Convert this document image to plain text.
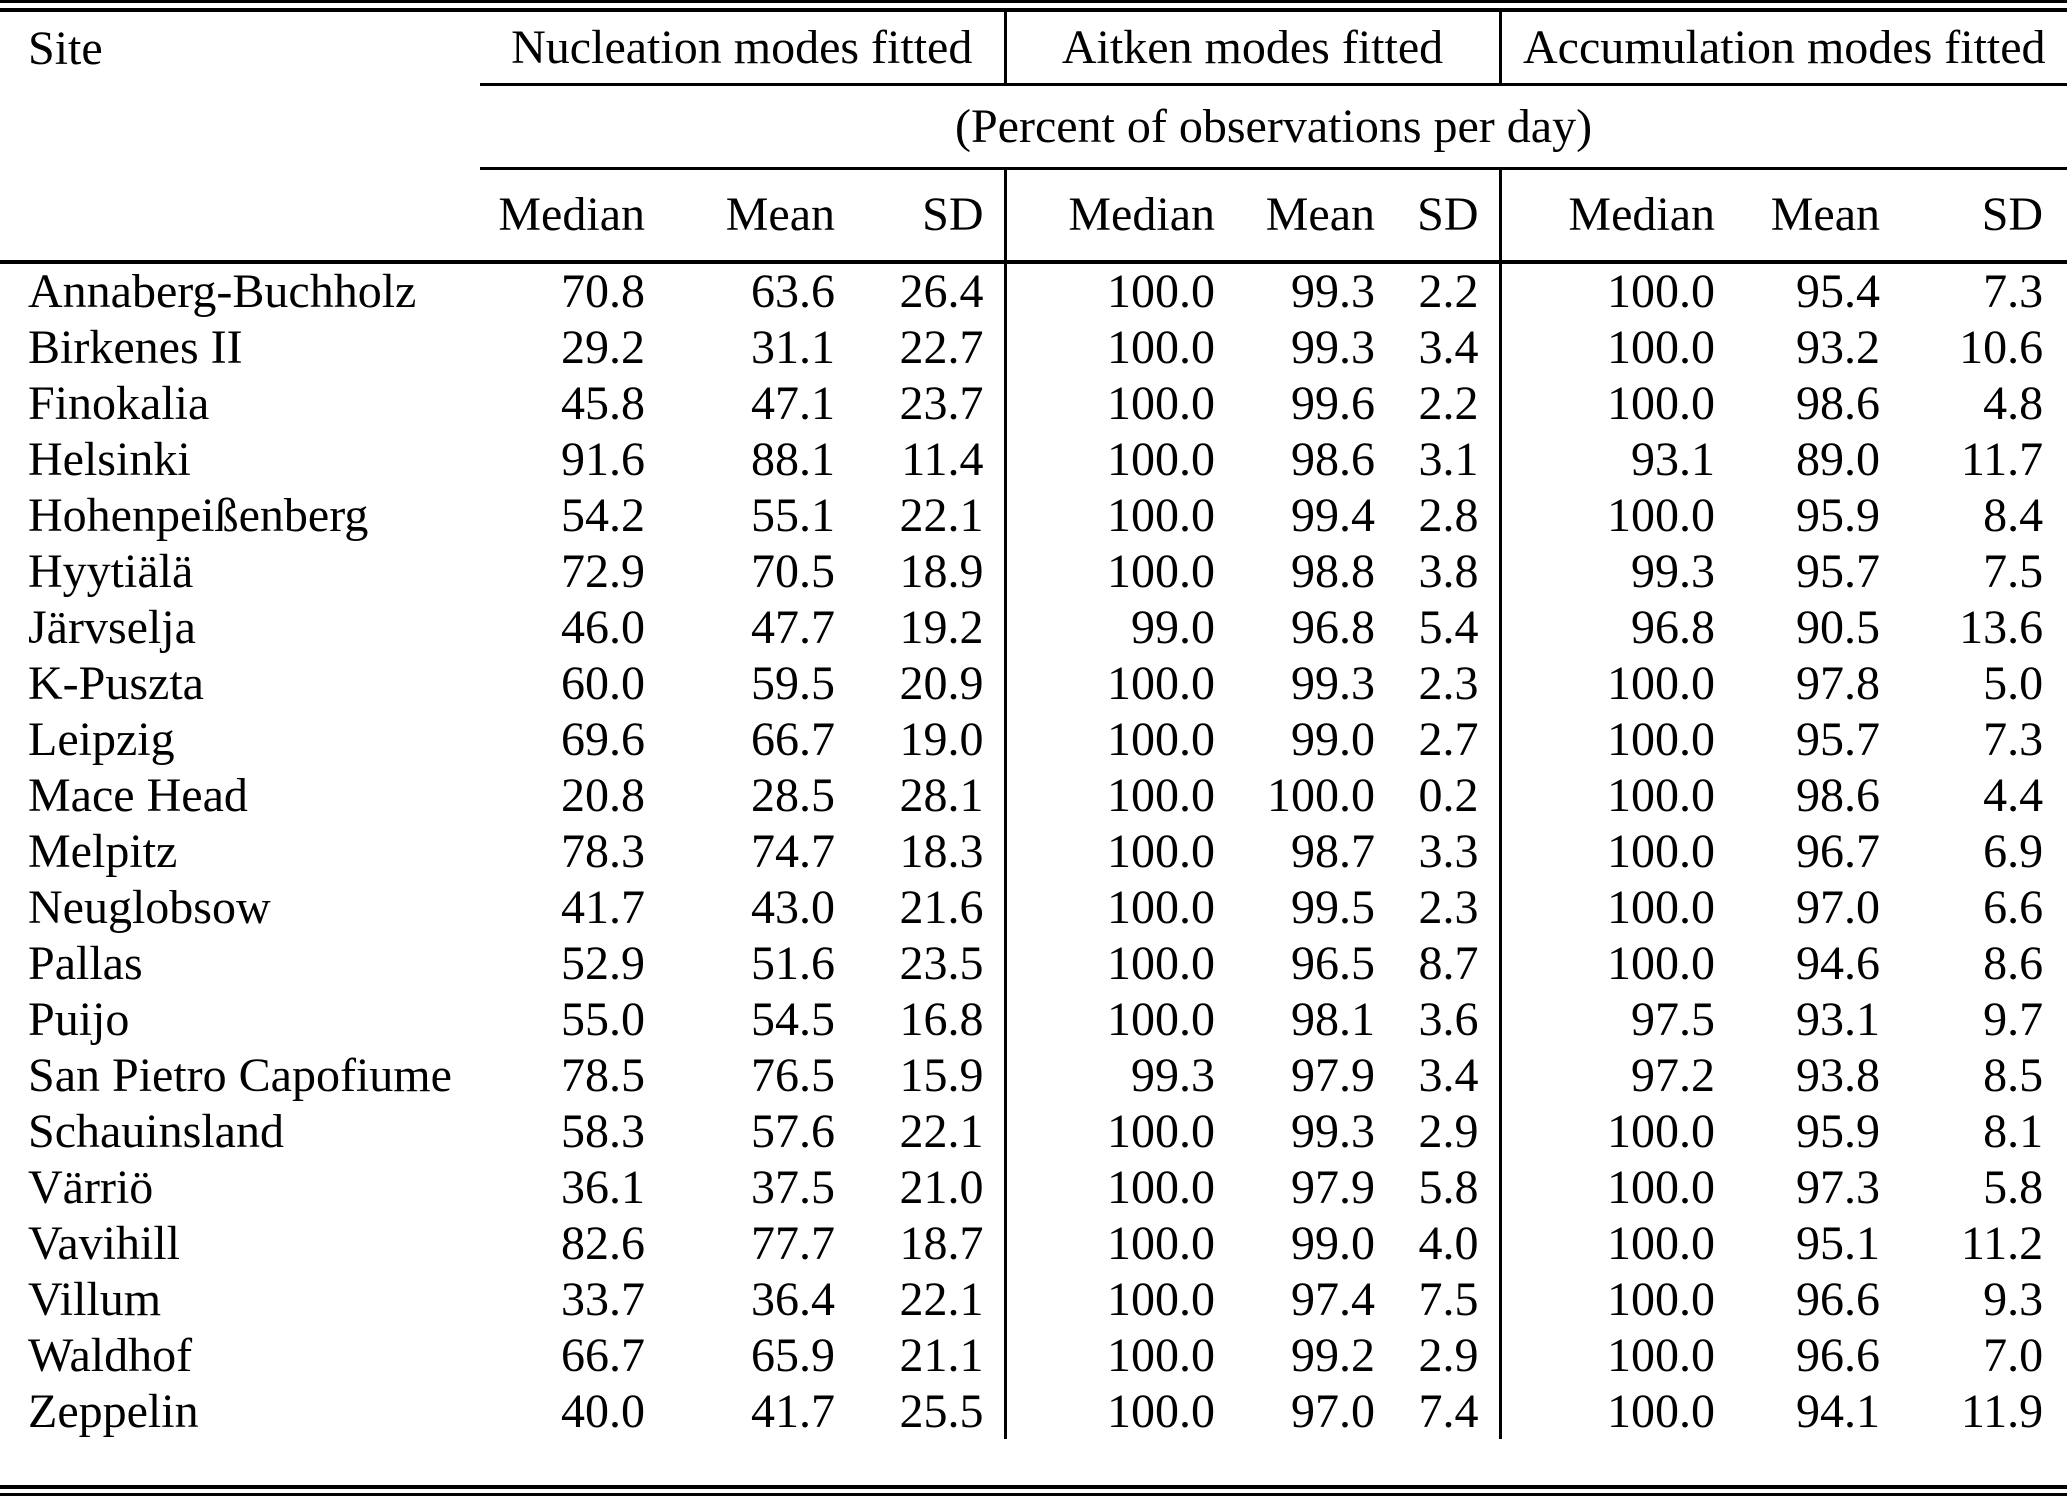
Site	Nucleation modes fitted			Aitken modes fitted			Accumulation modes fitted		
	(Percent of observations per day)								
	Median	Mean	SD	Median	Mean	SD	Median	Mean	SD
Annaberg-Buchholz	70.8	63.6	26.4	100.0	99.3	2.2	100.0	95.4	7.3
Birkenes II	29.2	31.1	22.7	100.0	99.3	3.4	100.0	93.2	10.6
Finokalia	45.8	47.1	23.7	100.0	99.6	2.2	100.0	98.6	4.8
Helsinki	91.6	88.1	11.4	100.0	98.6	3.1	93.1	89.0	11.7
Hohenpeißenberg	54.2	55.1	22.1	100.0	99.4	2.8	100.0	95.9	8.4
Hyytiälä	72.9	70.5	18.9	100.0	98.8	3.8	99.3	95.7	7.5
Järvselja	46.0	47.7	19.2	99.0	96.8	5.4	96.8	90.5	13.6
K-Puszta	60.0	59.5	20.9	100.0	99.3	2.3	100.0	97.8	5.0
Leipzig	69.6	66.7	19.0	100.0	99.0	2.7	100.0	95.7	7.3
Mace Head	20.8	28.5	28.1	100.0	100.0	0.2	100.0	98.6	4.4
Melpitz	78.3	74.7	18.3	100.0	98.7	3.3	100.0	96.7	6.9
Neuglobsow	41.7	43.0	21.6	100.0	99.5	2.3	100.0	97.0	6.6
Pallas	52.9	51.6	23.5	100.0	96.5	8.7	100.0	94.6	8.6
Puijo	55.0	54.5	16.8	100.0	98.1	3.6	97.5	93.1	9.7
San Pietro Capofiume	78.5	76.5	15.9	99.3	97.9	3.4	97.2	93.8	8.5
Schauinsland	58.3	57.6	22.1	100.0	99.3	2.9	100.0	95.9	8.1
Värriö	36.1	37.5	21.0	100.0	97.9	5.8	100.0	97.3	5.8
Vavihill	82.6	77.7	18.7	100.0	99.0	4.0	100.0	95.1	11.2
Villum	33.7	36.4	22.1	100.0	97.4	7.5	100.0	96.6	9.3
Waldhof	66.7	65.9	21.1	100.0	99.2	2.9	100.0	96.6	7.0
Zeppelin	40.0	41.7	25.5	100.0	97.0	7.4	100.0	94.1	11.9
